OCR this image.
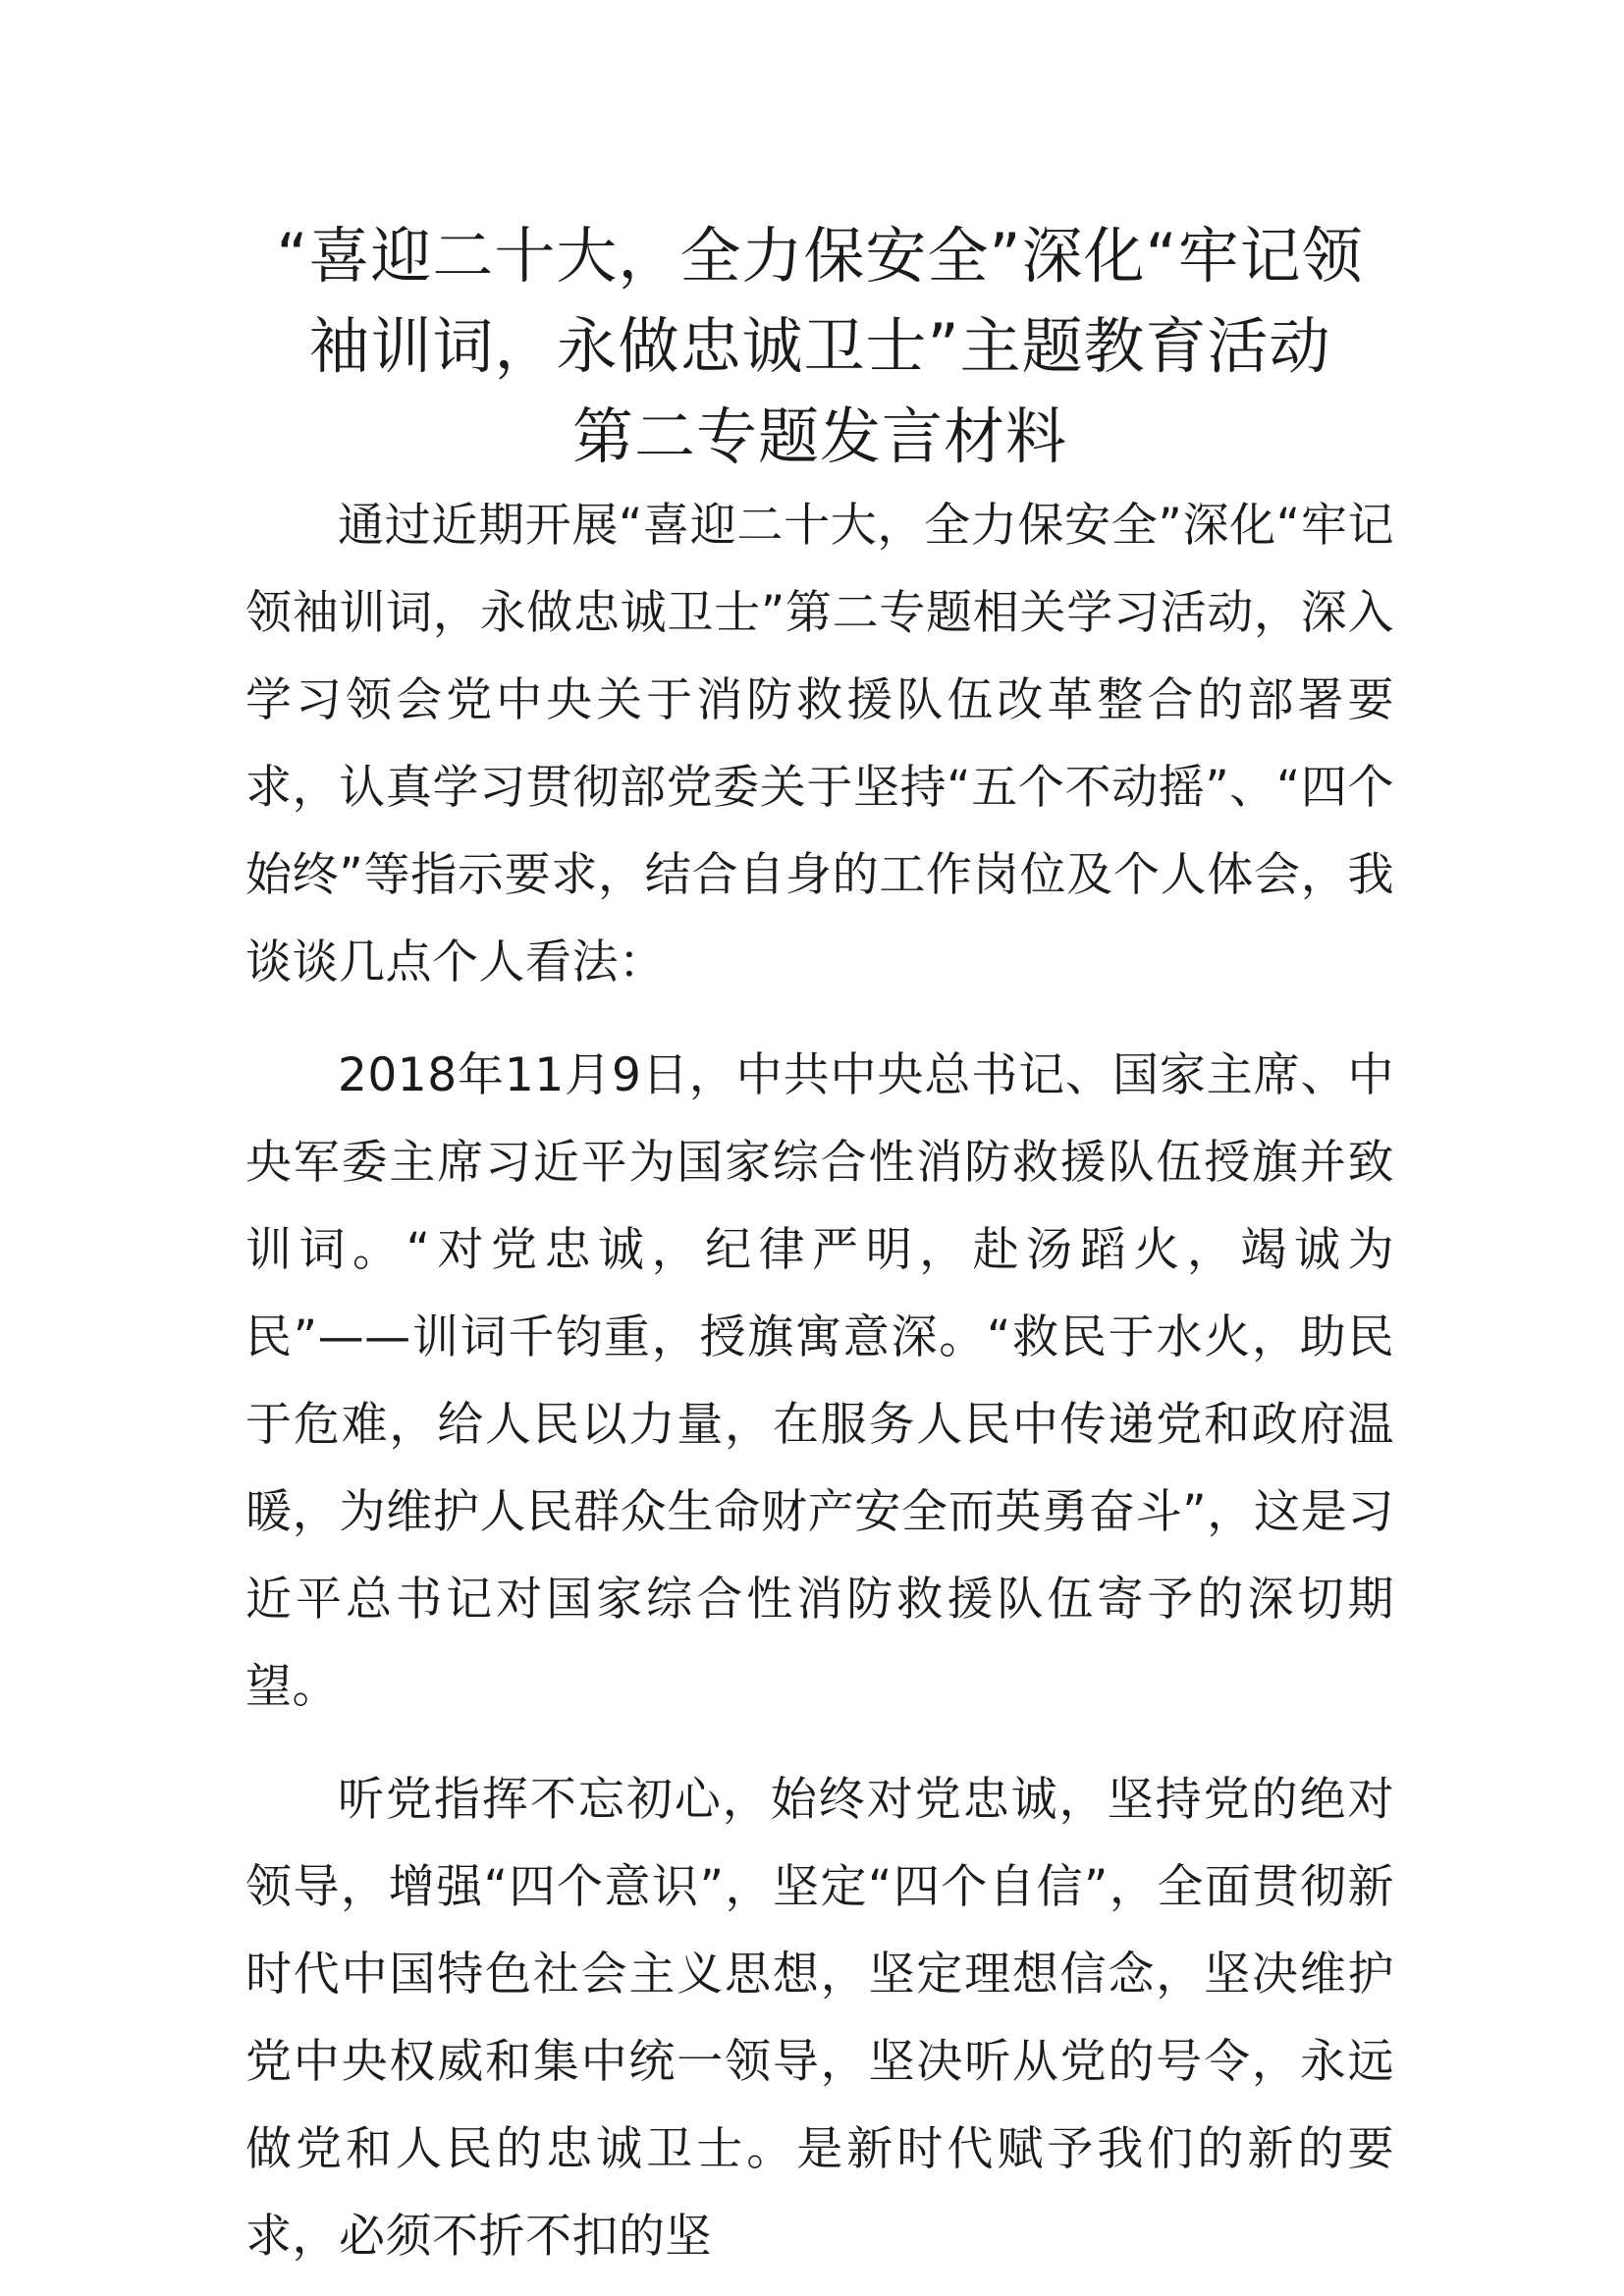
“喜迎二十大，全力保安全”深化“牢记领
袖训词，永做忠诚卫士”主题教育活动
第二专题发言材料

通过近期开展“喜迎二十大，全力保安全”深化“牢记领袖训词，永做忠诚卫士”第二专题相关学习活动，深入学习领会党中央关于消防救援队伍改革整合的部署要求，认真学习贯彻部党委关于坚持“五个不动摇”、“四个始终”等指示要求，结合自身的工作岗位及个人体会，我谈谈几点个人看法：

2018年11月9日，中共中央总书记、国家主席、中央军委主席习近平为国家综合性消防救援队伍授旗并致训词。“对党忠诚，纪律严明，赴汤蹈火，竭诚为民”——训词千钧重，授旗寓意深。“救民于水火，助民于危难，给人民以力量，在服务人民中传递党和政府温暖，为维护人民群众生命财产安全而英勇奋斗”，这是习近平总书记对国家综合性消防救援队伍寄予的深切期望。

听党指挥不忘初心，始终对党忠诚，坚持党的绝对领导，增强“四个意识”，坚定“四个自信”，全面贯彻新时代中国特色社会主义思想，坚定理想信念，坚决维护党中央权威和集中统一领导，坚决听从党的号令，永远做党和人民的忠诚卫士。是新时代赋予我们的新的要求，必须不折不扣的坚
